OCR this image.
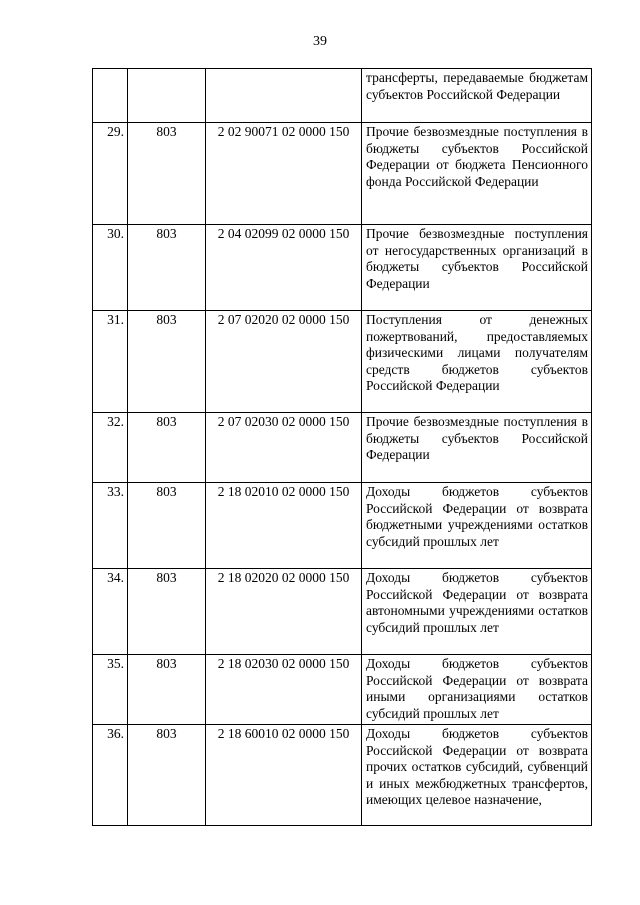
39
			трансферты, передаваемые бюджетам субъектов Российской Федерации
29.	803	2 02 90071 02 0000 150	Прочие безвозмездные поступления в бюджеты субъектов Российской Федерации от бюджета Пенсионного фонда Российской Федерации
30.	803	2 04 02099 02 0000 150	Прочие безвозмездные поступления от негосударственных организаций в бюджеты субъектов Российской Федерации
31.	803	2 07 02020 02 0000 150	Поступления от денежных пожертвований, предоставляемых физическими лицами получателям средств бюджетов субъектов Российской Федерации
32.	803	2 07 02030 02 0000 150	Прочие безвозмездные поступления в бюджеты субъектов Российской Федерации
33.	803	2 18 02010 02 0000 150	Доходы бюджетов субъектов Российской Федерации от возврата бюджетными учреждениями остатков субсидий прошлых лет
34.	803	2 18 02020 02 0000 150	Доходы бюджетов субъектов Российской Федерации от возврата автономными учреждениями остатков субсидий прошлых лет
35.	803	2 18 02030 02 0000 150	Доходы бюджетов субъектов Российской Федерации от возврата иными организациями остатков субсидий прошлых лет
36.	803	2 18 60010 02 0000 150	Доходы бюджетов субъектов Российской Федерации от возврата прочих остатков субсидий, субвенций и иных межбюджетных трансфертов, имеющих целевое назначение,
